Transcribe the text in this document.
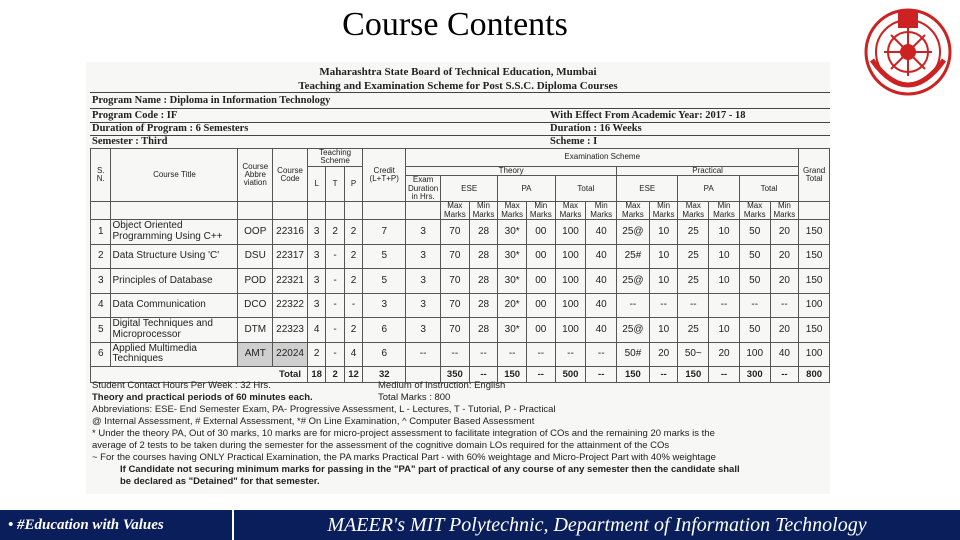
Course Contents
Maharashtra State Board of Technical Education, Mumbai
Teaching and Examination Scheme for Post S.S.C. Diploma Courses
Program Name : Diploma in Information Technology
Program Code : IF	With Effect From Academic Year: 2017 - 18
Duration of Program : 6 Semesters	Duration : 16 Weeks
Semester : Third	Scheme : I
S. N.	Course Title	Course Abbre viation	Course Code	Teaching Scheme			Credit (L+T+P)	Examination Scheme													Grand Total
				L	T	P		Theory							Practical						
								Exam Duration in Hrs.	ESE		PA		Total		ESE		PA		Total		
									Max Marks	Min Marks	Max Marks	Min Marks	Max Marks	Min Marks	Max Marks	Min Marks	Max Marks	Min Marks	Max Marks	Min Marks	
1	Object Oriented Programming Using C++	OOP	22316	3	2	2	7	3	70	28	30*	00	100	40	25@	10	25	10	50	20	150
2	Data Structure Using 'C'	DSU	22317	3	-	2	5	3	70	28	30*	00	100	40	25#	10	25	10	50	20	150
3	Principles of Database	POD	22321	3	-	2	5	3	70	28	30*	00	100	40	25@	10	25	10	50	20	150
4	Data Communication	DCO	22322	3	-	-	3	3	70	28	20*	00	100	40	--	--	--	--	--	--	100
5	Digital Techniques and Microprocessor	DTM	22323	4	-	2	6	3	70	28	30*	00	100	40	25@	10	25	10	50	20	150
6	Applied Multimedia Techniques	AMT	22024	2	-	4	6	--	--	--	--	--	--	--	50#	20	50~	20	100	40	100
Total				18	2	12	32		350	--	150	--	500	--	150	--	150	--	300	--	800
Student Contact Hours Per Week : 32 Hrs.	Medium of Instruction: English
Theory and practical periods of 60 minutes each.	Total Marks : 800
Abbreviations: ESE- End Semester Exam, PA- Progressive Assessment, L - Lectures, T - Tutorial, P - Practical
@ Internal Assessment, # External Assessment, *# On Line Examination, ^ Computer Based Assessment
* Under the theory PA, Out of 30 marks, 10 marks are for micro-project assessment to facilitate integration of COs and the remaining 20 marks is the
average of 2 tests to be taken during the semester for the assessment of the cognitive domain LOs required for the attainment of the COs
~ For the courses having ONLY Practical Examination, the PA marks Practical Part - with 60% weightage and Micro-Project Part with 40% weightage
If Candidate not securing minimum marks for passing in the "PA" part of practical of any course of any semester then the candidate shall
be declared as "Detained" for that semester.
• #Education with Values	MAEER's MIT Polytechnic, Department of Information Technology
